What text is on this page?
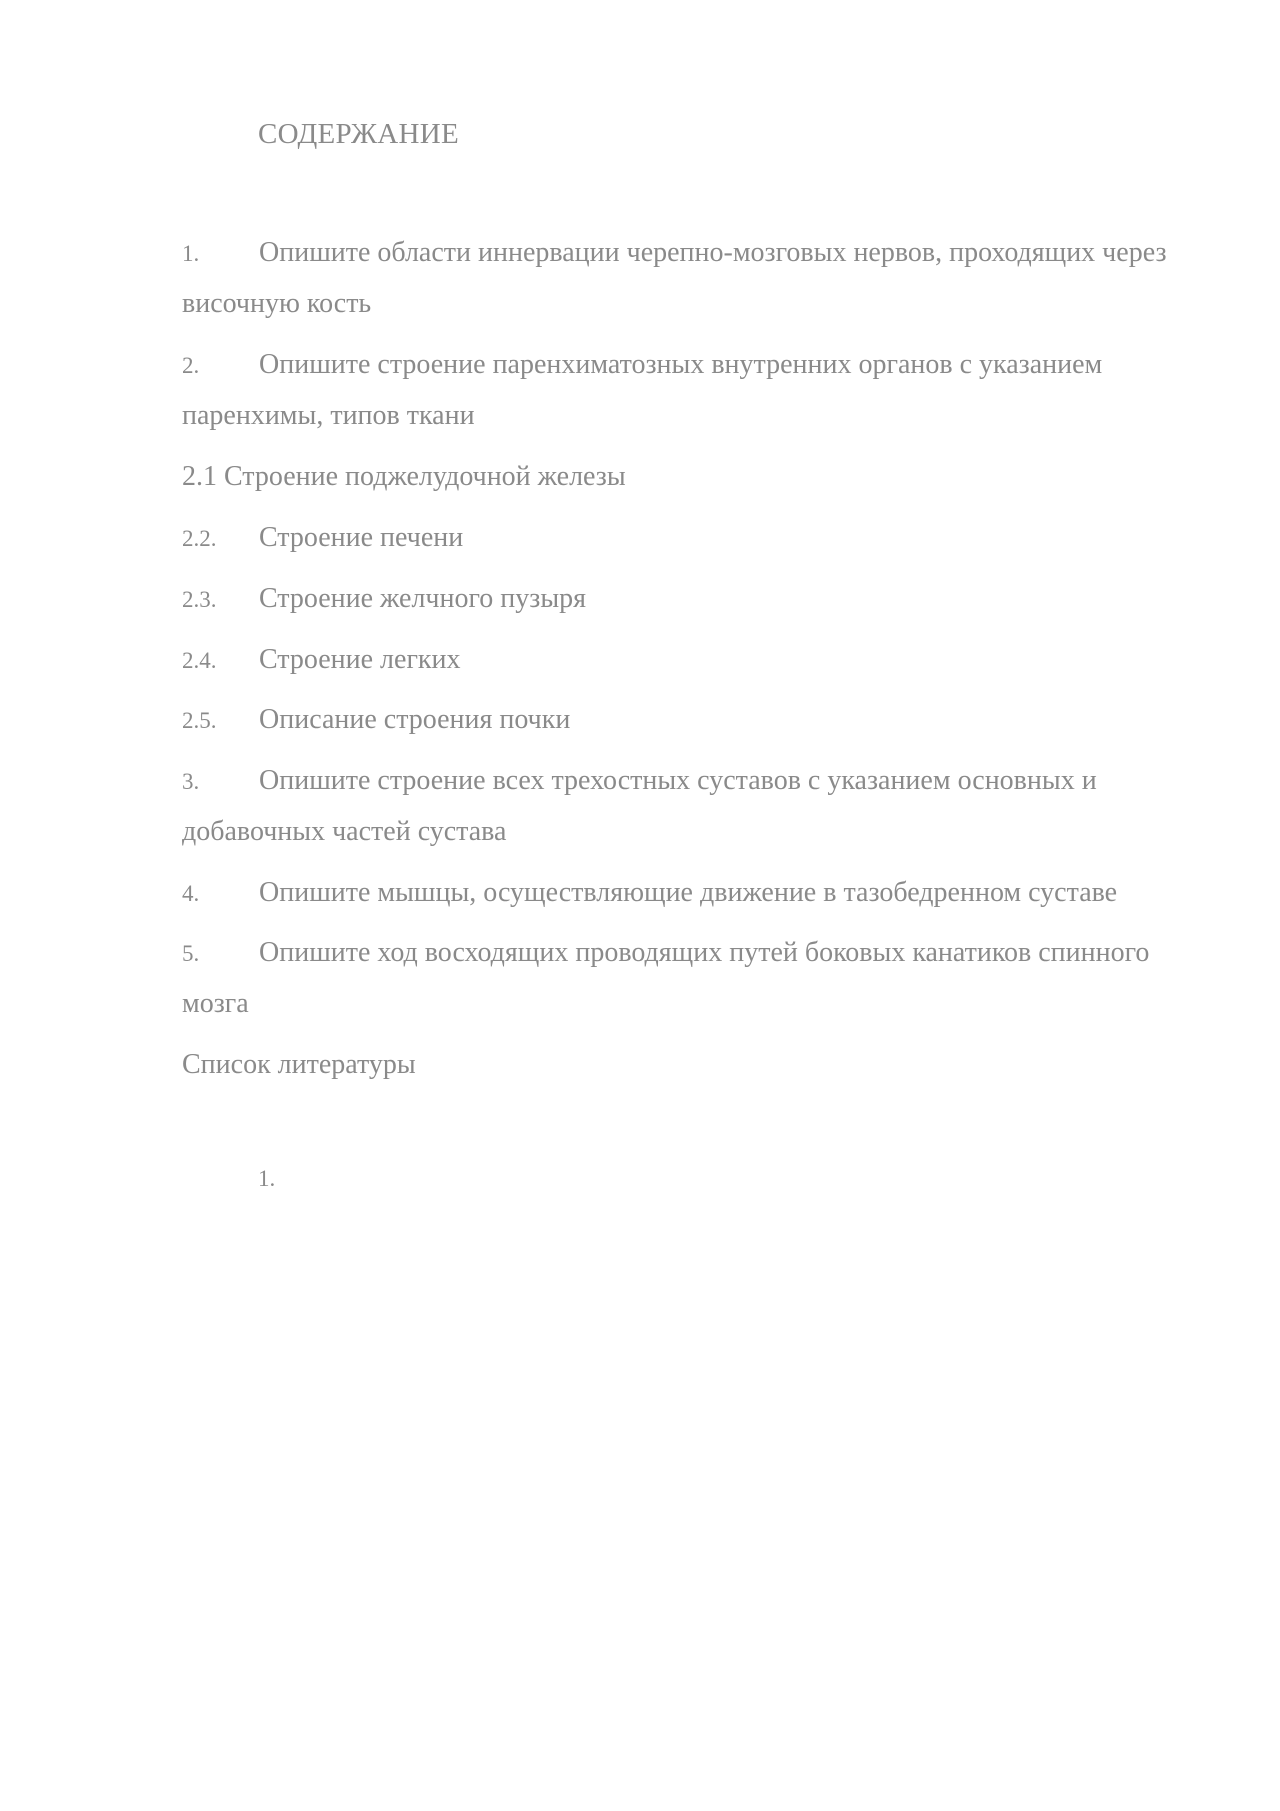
СОДЕРЖАНИЕ
1. Опишите области иннервации черепно-мозговых нервов, проходящих через височную кость
2. Опишите строение паренхиматозных внутренних органов с указанием паренхимы, типов ткани
2.1 Строение поджелудочной железы
2.2. Строение печени
2.3. Строение желчного пузыря
2.4. Строение легких
2.5. Описание строения почки
3. Опишите строение всех трехостных суставов с указанием основных и добавочных частей сустава
4. Опишите мышцы, осуществляющие движение в тазобедренном суставе
5. Опишите ход восходящих проводящих путей боковых канатиков спинного мозга
Список литературы
1.
